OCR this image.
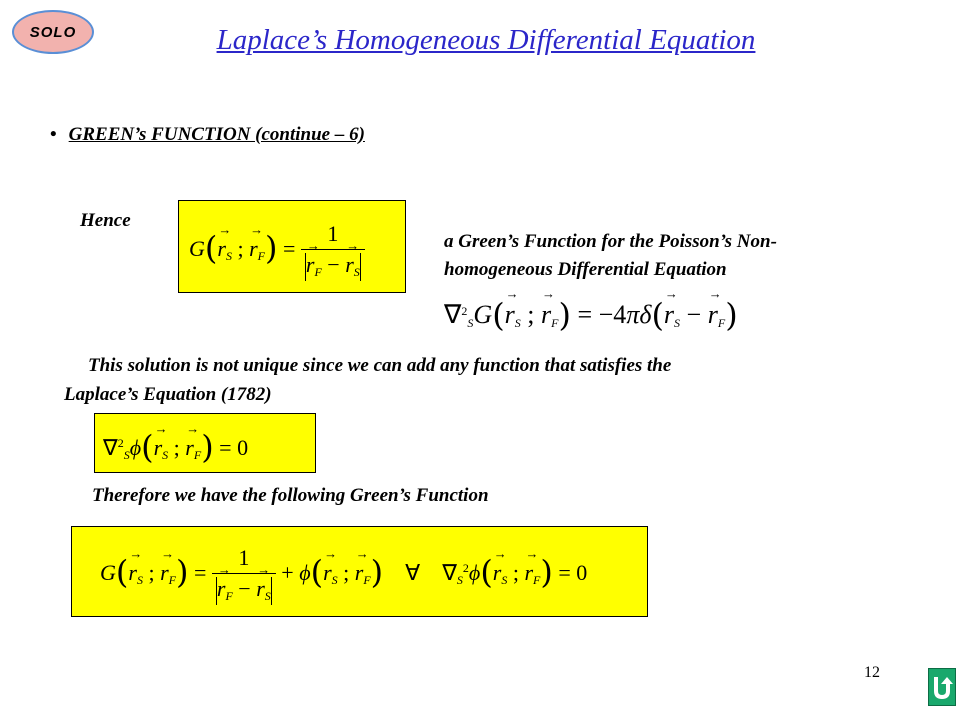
SOLO	Laplace’s Homogeneous Differential Equation
• GREEN’s FUNCTION (continue – 6)
Hence
$G(\to r_S$ ; → $r_F) = 1$
→ $r_F$ − → $r_S$	a Green’s Function for the Poisson’s Non-
homogeneous Differential Equation
$\nabla^2_SG(\to r_S$ ; → $r_F) = -4\pi\delta(\to r_S$ − → $r_F$)
This solution is not unique since we can add any function that satisfies the
Laplace’s Equation (1782)
$\nabla^2_S\phi(\to r_S$ ; → $r_F) = 0$
Therefore we have the following Green’s Function
$G(\to r_S$ ; → $r_F) = 1$
→ $r_F$ − → $r_S + \phi(\to r_S$ ; → $r_F$)    ∀    $\nabla_S^2\phi(\to r_S$ ; → $r_F) = 0$
12
